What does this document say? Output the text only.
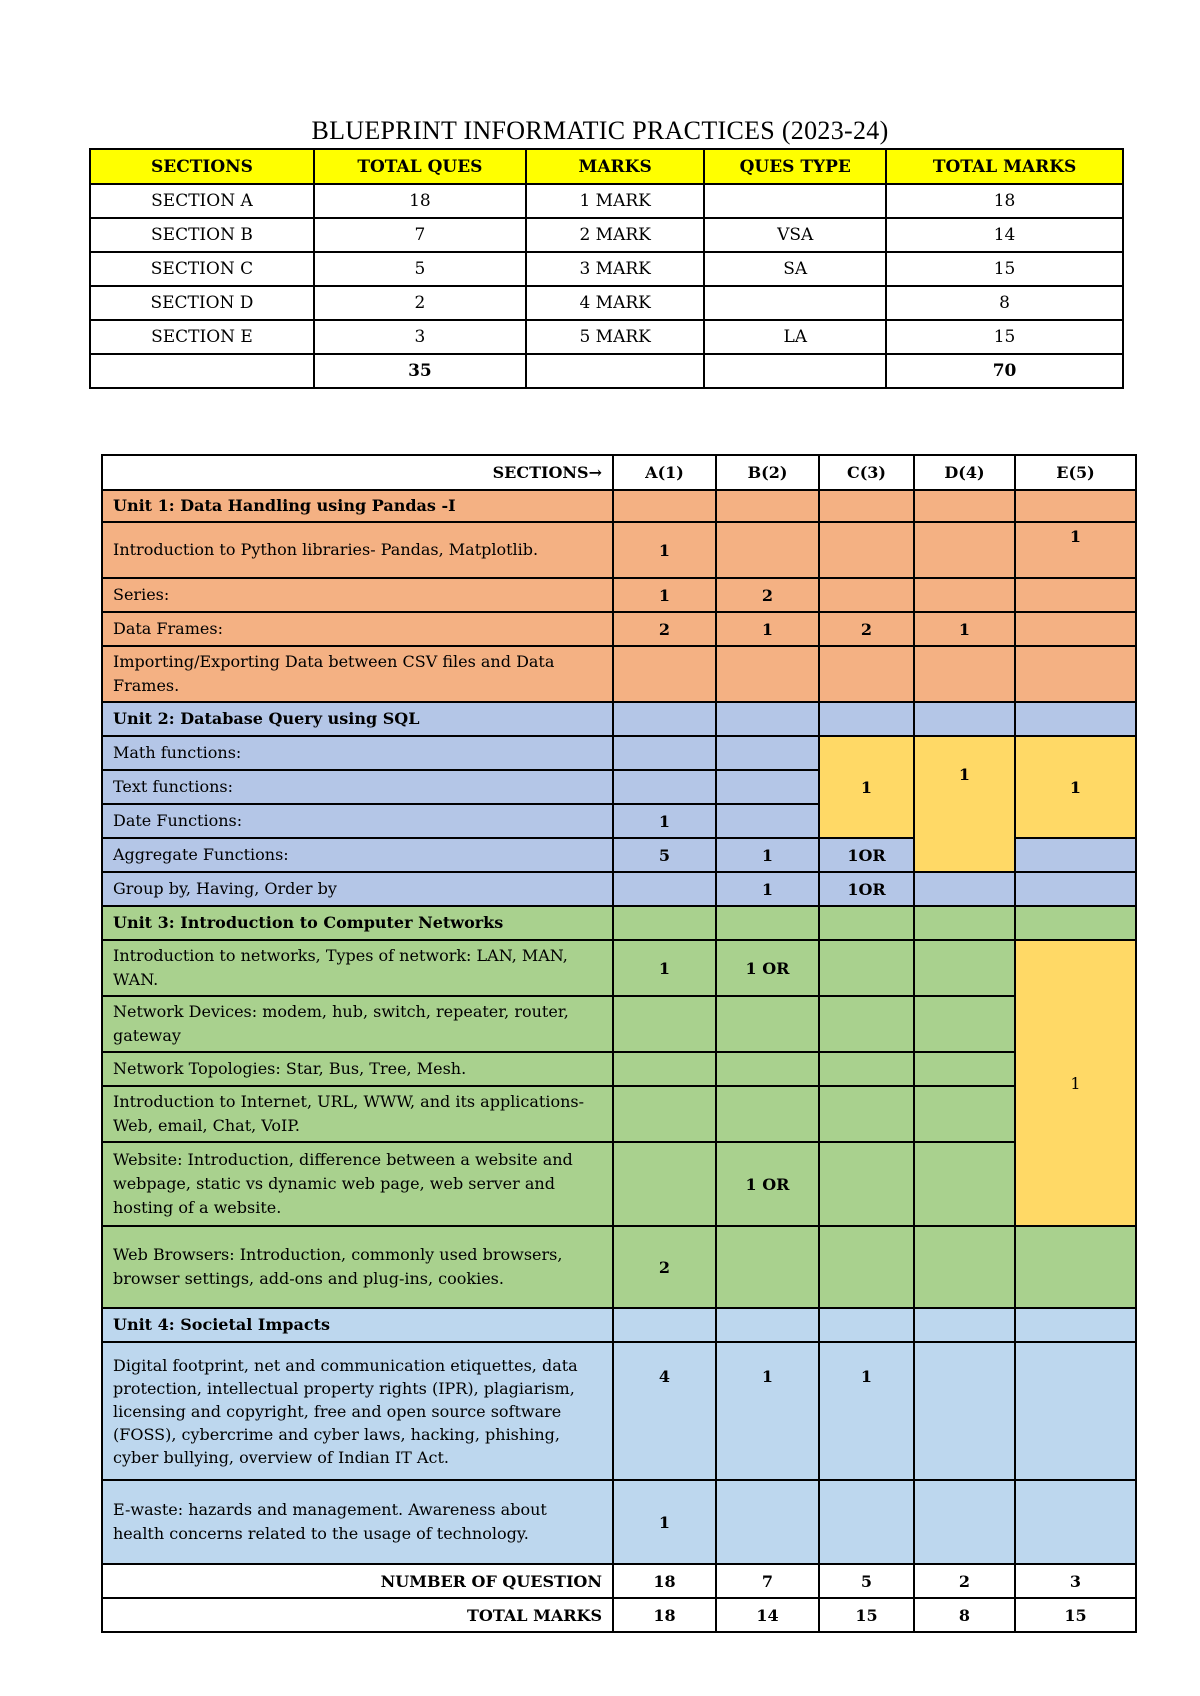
BLUEPRINT INFORMATIC PRACTICES (2023-24)
SECTIONS	TOTAL QUES	MARKS	QUES TYPE	TOTAL MARKS
SECTION A	18	1 MARK		18
SECTION B	7	2 MARK	VSA	14
SECTION C	5	3 MARK	SA	15
SECTION D	2	4 MARK		8
SECTION E	3	5 MARK	LA	15
	35			70
SECTIONS→	A(1)	B(2)	C(3)	D(4)	E(5)
Unit 1: Data Handling using Pandas -I					
Introduction to Python libraries- Pandas, Matplotlib.	1				1
Series:	1	2			
Data Frames:	2	1	2	1	
Importing/Exporting Data between CSV files and Data Frames.					
Unit 2: Database Query using SQL					
Math functions:			1	1	1
Text functions:					
Date Functions:	1				
Aggregate Functions:	5	1	1OR		
Group by, Having, Order by		1	1OR		
Unit 3: Introduction to Computer Networks					
Introduction to networks, Types of network: LAN, MAN, WAN.	1	1 OR			1
Network Devices: modem, hub, switch, repeater, router, gateway					
Network Topologies: Star, Bus, Tree, Mesh.					
Introduction to Internet, URL, WWW, and its applications- Web, email, Chat, VoIP.					
Website: Introduction, difference between a website and webpage, static vs dynamic web page, web server and hosting of a website.		1 OR			
Web Browsers: Introduction, commonly used browsers, browser settings, add-ons and plug-ins, cookies.	2				
Unit 4: Societal Impacts					
Digital footprint, net and communication etiquettes, data protection, intellectual property rights (IPR), plagiarism, licensing and copyright, free and open source software (FOSS), cybercrime and cyber laws, hacking, phishing, cyber bullying, overview of Indian IT Act.	4	1	1		
E-waste: hazards and management. Awareness about health concerns related to the usage of technology.	1				
NUMBER OF QUESTION	18	7	5	2	3
TOTAL MARKS	18	14	15	8	15
